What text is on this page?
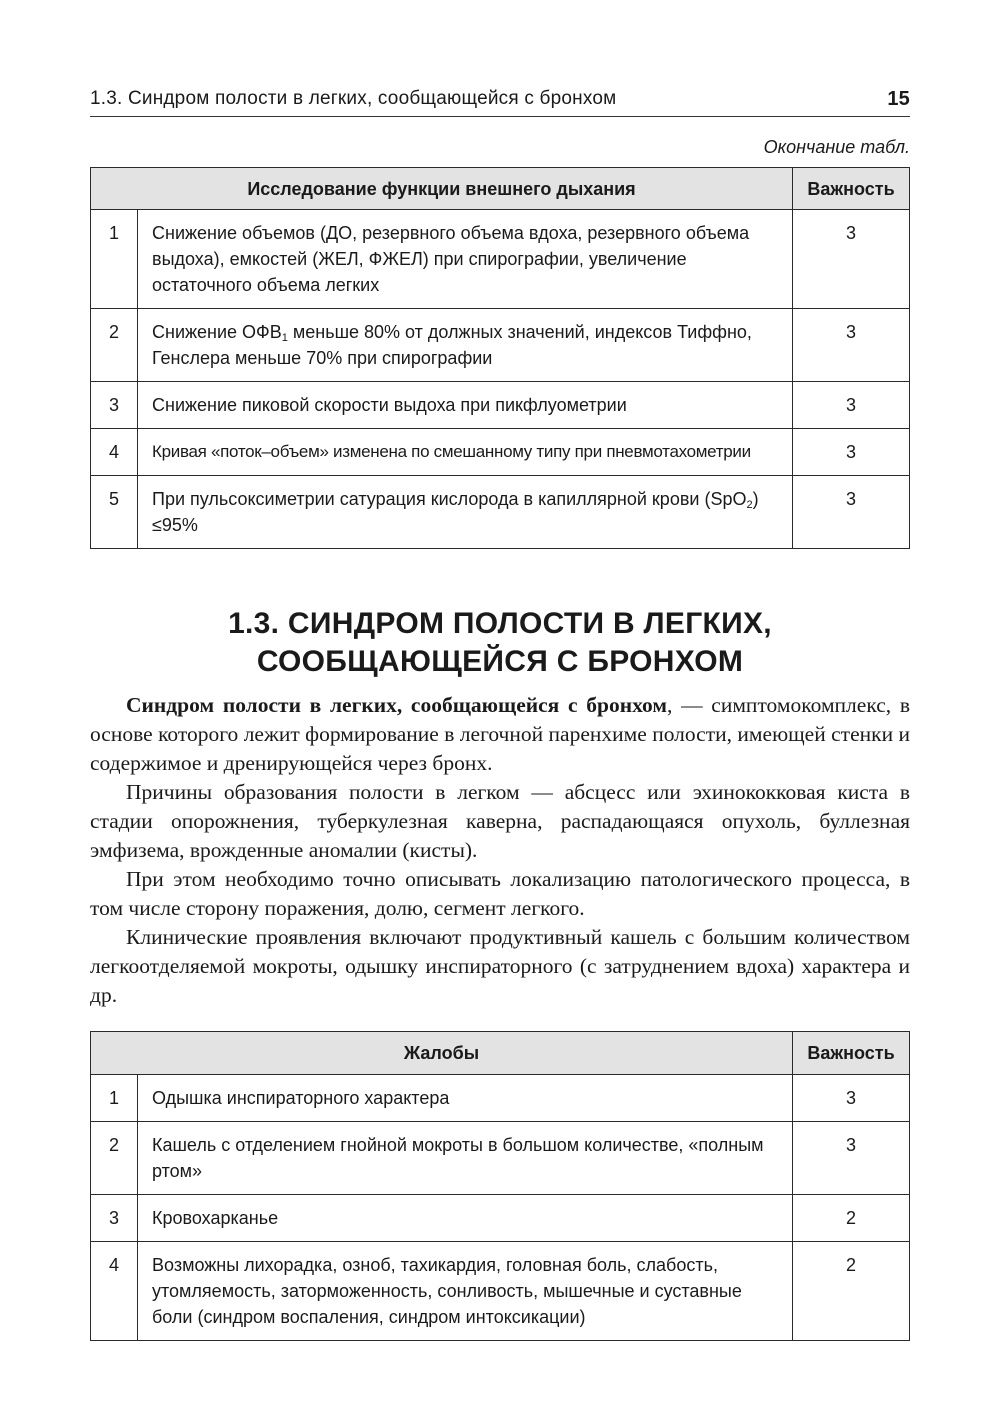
1.3. Синдром полости в легких, сообщающейся с бронхом	15
Окончание табл.
Исследование функции внешнего дыхания		Важность
1	Снижение объемов (ДО, резервного объема вдоха, резервного объема выдоха), емкостей (ЖЕЛ, ФЖЕЛ) при спирографии, увеличение остаточного объема легких	3
2	Снижение $ОФВ_1$ меньше 80% от должных значений, индексов Тиффно, Генслера меньше 70% при спирографии	3
3	Снижение пиковой скорости выдоха при пикфлуометрии	3
4	Кривая «поток–объем» изменена по смешанному типу при пневмотахометрии	3
5	При пульсоксиметрии сатурация кислорода в капиллярной крови (SpO$_2$) ≤95%	3
1.3. СИНДРОМ ПОЛОСТИ В ЛЕГКИХ,
СООБЩАЮЩЕЙСЯ С БРОНХОМ

Синдром полости в легких, сообщающейся с бронхом, — симптомокомплекс, в основе которого лежит формирование в легочной паренхиме полости, имеющей стенки и содержимое и дренирующейся через бронх.

Причины образования полости в легком — абсцесс или эхинококковая киста в стадии опорожнения, туберкулезная каверна, распадающаяся опухоль, буллезная эмфизема, врожденные аномалии (кисты).

При этом необходимо точно описывать локализацию патологического процесса, в том числе сторону поражения, долю, сегмент легкого.

Клинические проявления включают продуктивный кашель с большим количеством легкоотделяемой мокроты, одышку инспираторного (с затруднением вдоха) характера и др.

Жалобы		Важность
1	Одышка инспираторного характера	3
2	Кашель с отделением гнойной мокроты в большом количестве, «полным ртом»	3
3	Кровохарканье	2
4	Возможны лихорадка, озноб, тахикардия, головная боль, слабость, утомляемость, заторможенность, сонливость, мышечные и суставные боли (синдром воспаления, синдром интоксикации)	2
